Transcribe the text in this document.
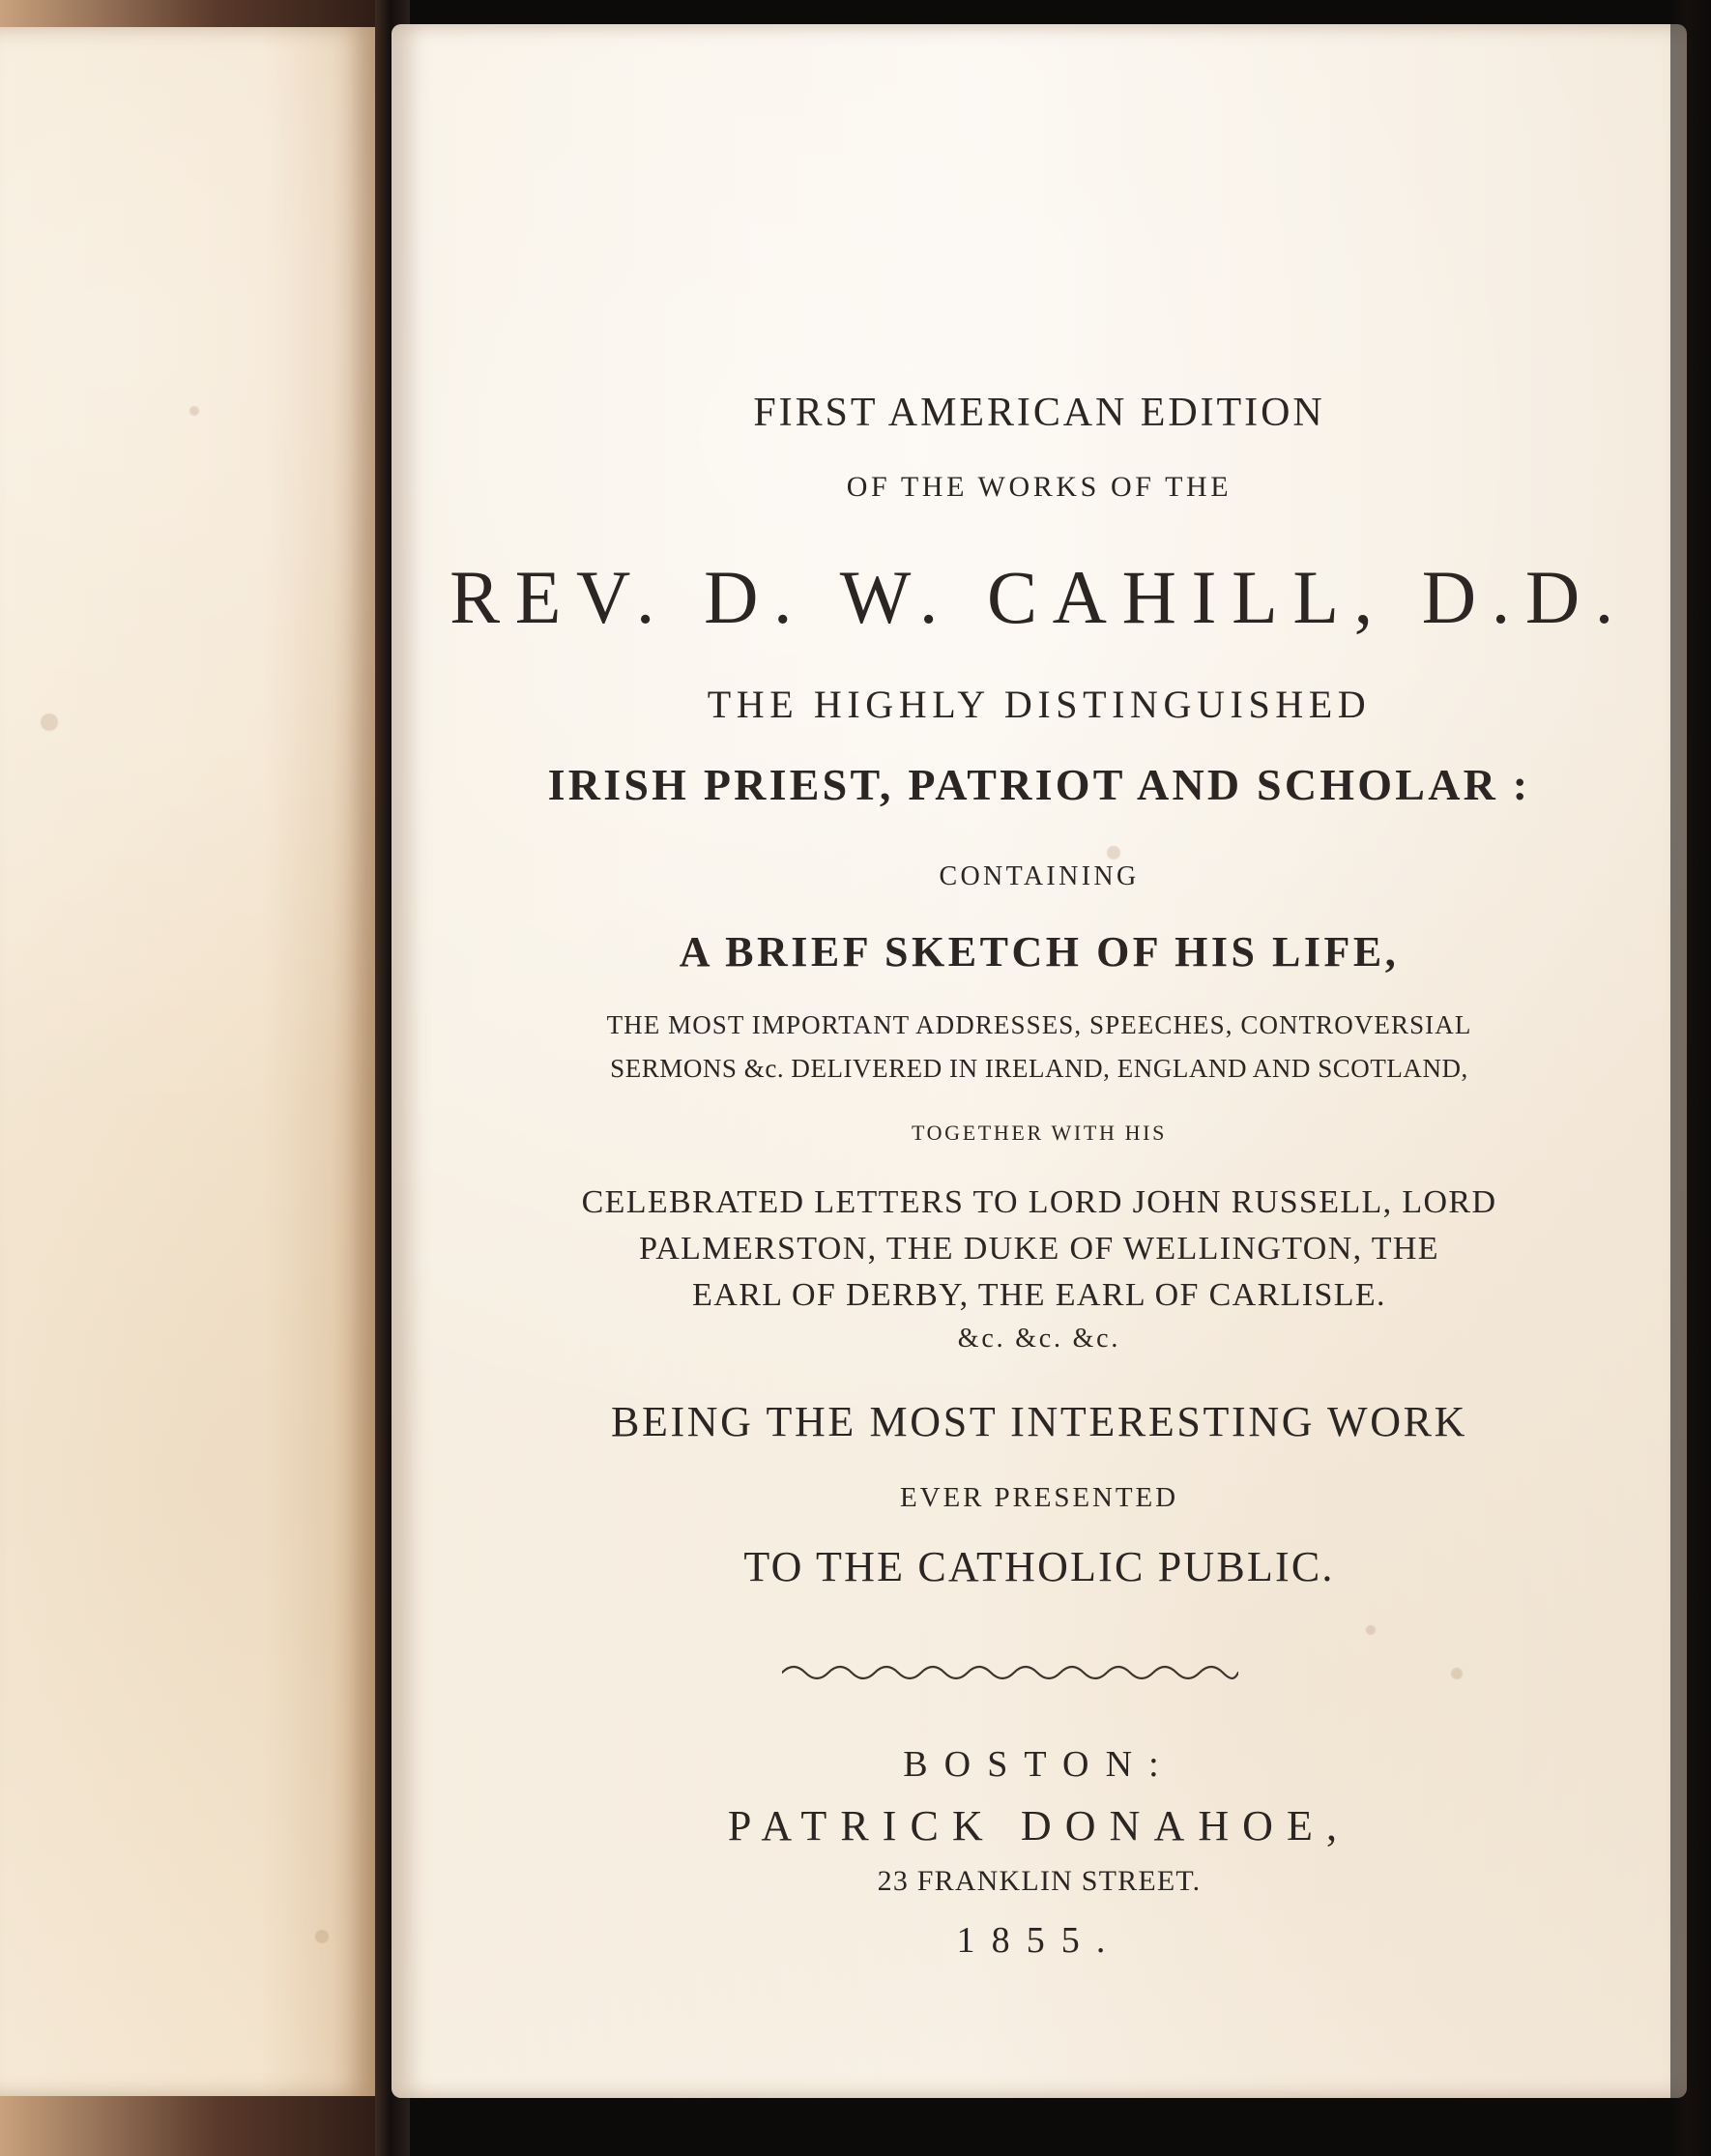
FIRST AMERICAN EDITION
OF THE WORKS OF THE
REV. D. W. CAHILL, D.D.
THE HIGHLY DISTINGUISHED
IRISH PRIEST, PATRIOT AND SCHOLAR :
CONTAINING
A BRIEF SKETCH OF HIS LIFE,
THE MOST IMPORTANT ADDRESSES, SPEECHES, CONTROVERSIAL
SERMONS &c. DELIVERED IN IRELAND, ENGLAND AND SCOTLAND,
TOGETHER WITH HIS
CELEBRATED LETTERS TO LORD JOHN RUSSELL, LORD
PALMERSTON, THE DUKE OF WELLINGTON, THE
EARL OF DERBY, THE EARL OF CARLISLE.
&c. &c. &c.
BEING THE MOST INTERESTING WORK
EVER PRESENTED
TO THE CATHOLIC PUBLIC.
BOSTON:
PATRICK DONAHOE,
23 FRANKLIN STREET.
1855.
